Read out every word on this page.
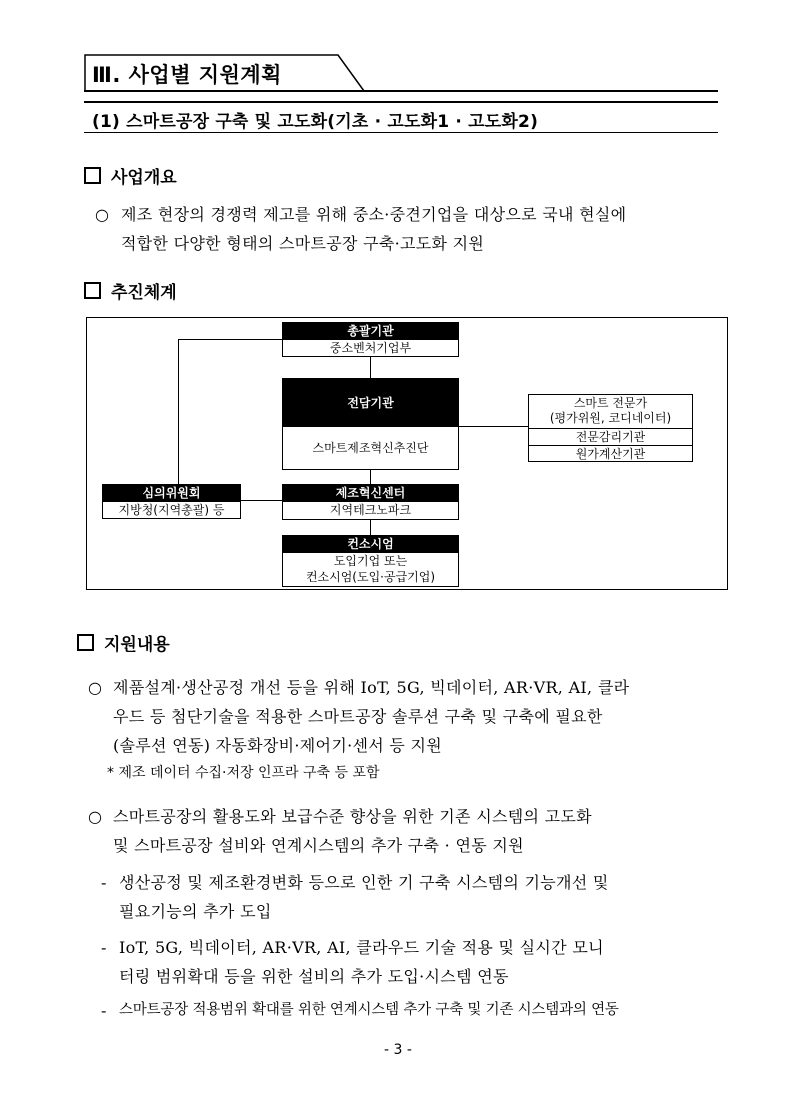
Ⅲ. 사업별 지원계획
(1) 스마트공장 구축 및 고도화(기초 · 고도화1 · 고도화2)
사업개요
○ 제조 현장의 경쟁력 제고를 위해 중소·중견기업을 대상으로 국내 현실에
적합한 다양한 형태의 스마트공장 구축·고도화 지원
추진체계
총괄기관
중소벤처기업부
전담기관
스마트제조혁신추진단
스마트 전문가
(평가위원, 코디네이터)
전문감리기관
원가계산기관
심의위원회
지방청(지역총괄) 등
제조혁신센터
지역테크노파크
컨소시엄
도입기업 또는
컨소시엄(도입·공급기업)
지원내용
○ 제품설계·생산공정 개선 등을 위해 IoT, 5G, 빅데이터, AR·VR, AI, 클라
우드 등 첨단기술을 적용한 스마트공장 솔루션 구축 및 구축에 필요한
(솔루션 연동) 자동화장비·제어기·센서 등 지원
* 제조 데이터 수집·저장 인프라 구축 등 포함
○ 스마트공장의 활용도와 보급수준 향상을 위한 기존 시스템의 고도화
및 스마트공장 설비와 연계시스템의 추가 구축 · 연동 지원
- 생산공정 및 제조환경변화 등으로 인한 기 구축 시스템의 기능개선 및
필요기능의 추가 도입
- IoT, 5G, 빅데이터, AR·VR, AI, 클라우드 기술 적용 및 실시간 모니
터링 범위확대 등을 위한 설비의 추가 도입·시스템 연동
- 스마트공장 적용범위 확대를 위한 연계시스템 추가 구축 및 기존 시스템과의 연동
- 3 -
